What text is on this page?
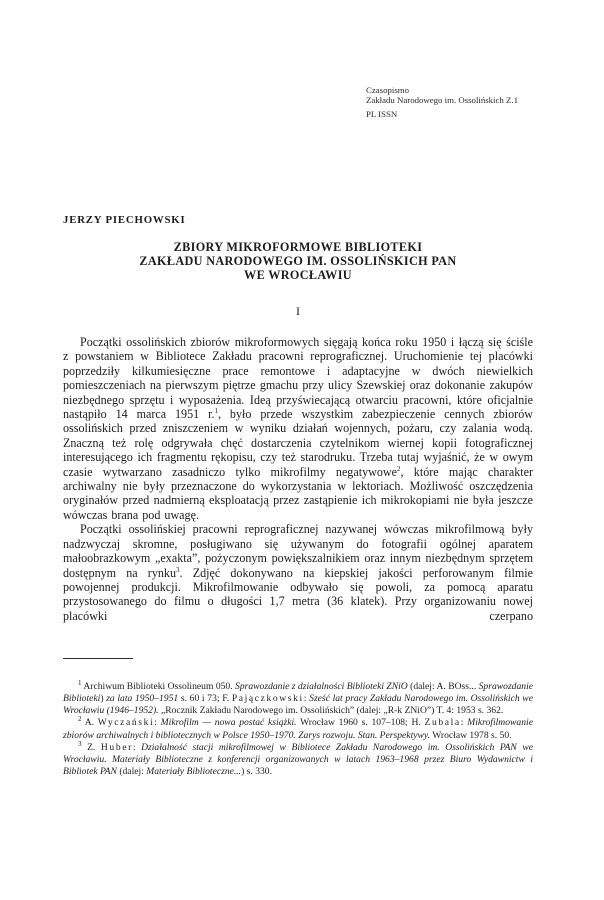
Czasopismo
Zakładu Narodowego im. Ossolińskich Z.1
PL ISSN
JERZY PIECHOWSKI
ZBIORY MIKROFORMOWE BIBLIOTEKI
ZAKŁADU NARODOWEGO IM. OSSOLIŃSKICH PAN
WE WROCŁAWIU
I

Początki ossolińskich zbiorów mikroformowych sięgają końca roku 1950 i łączą się ściśle z powstaniem w Bibliotece Zakładu pracowni reprograficznej. Uruchomienie tej placówki poprzedziły kilkumiesięczne prace remontowe i adaptacyjne w dwóch niewielkich pomieszczeniach na pierwszym piętrze gmachu przy ulicy Szewskiej oraz dokonanie zakupów niezbędnego sprzętu i wyposażenia. Ideą przyświecającą otwarciu pracowni, które oficjalnie nastąpiło 14 marca 1951 r.$^1$, było przede wszystkim zabezpieczenie cennych zbiorów ossolińskich przed zniszczeniem w wyniku działań wojennych, pożaru, czy zalania wodą. Znaczną też rolę odgrywała chęć dostarczenia czytelnikom wiernej kopii fotograficznej interesującego ich fragmentu rękopisu, czy też starodruku. Trzeba tutaj wyjaśnić, że w owym czasie wytwarzano zasadniczo tylko mikrofilmy negatywowe$^2$, które mając charakter archiwalny nie były przeznaczone do wykorzystania w lektoriach. Możliwość oszczędzenia oryginałów przed nadmierną eksploatacją przez zastąpienie ich mikrokopiami nie była jeszcze wówczas brana pod uwagę.

Początki ossolińskiej pracowni reprograficznej nazywanej wówczas mikrofilmową były nadzwyczaj skromne, posługiwano się używanym do fotografii ogólnej aparatem małoobrazkowym „exakta”, pożyczonym powiększalnikiem oraz innym niezbędnym sprzętem dostępnym na rynku$^3$. Zdjęć dokonywano na kiepskiej jakości perforowanym filmie powojennej produkcji. Mikrofilmowanie odbywało się powoli, za pomocą aparatu przystosowanego do filmu o długości 1,7 metra (36 klatek). Przy organizowaniu nowej placówki czerpano

$^1$ Archiwum Biblioteki Ossolineum 050. Sprawozdanie z działalności Biblioteki ZNiO (dalej: A. BOss... Sprawozdanie Biblioteki) za lata 1950–1951 s. 60 i 73; F. Pajączkowski: Sześć lat pracy Zakładu Narodowego im. Ossolińskich we Wrocławiu (1946–1952). „Rocznik Zakładu Narodowego im. Ossolińskich” (dalej: „R-k ZNiO”) T. 4: 1953 s. 362.

$^2$ A. Wyczański: Mikrofilm — nowa postać książki. Wrocław 1960 s. 107–108; H. Zubala: Mikrofilmowanie zbiorów archiwalnych i bibliotecznych w Polsce 1950–1970. Zarys rozwoju. Stan. Perspektywy. Wrocław 1978 s. 50.

$^3$ Z. Huber: Działalność stacji mikrofilmowej w Bibliotece Zakładu Narodowego im. Ossolińskich PAN we Wrocławiu. Materiały Biblioteczne z konferencji organizowanych w latach 1963–1968 przez Biuro Wydawnictw i Bibliotek PAN (dalej: Materiały Biblioteczne...) s. 330.
